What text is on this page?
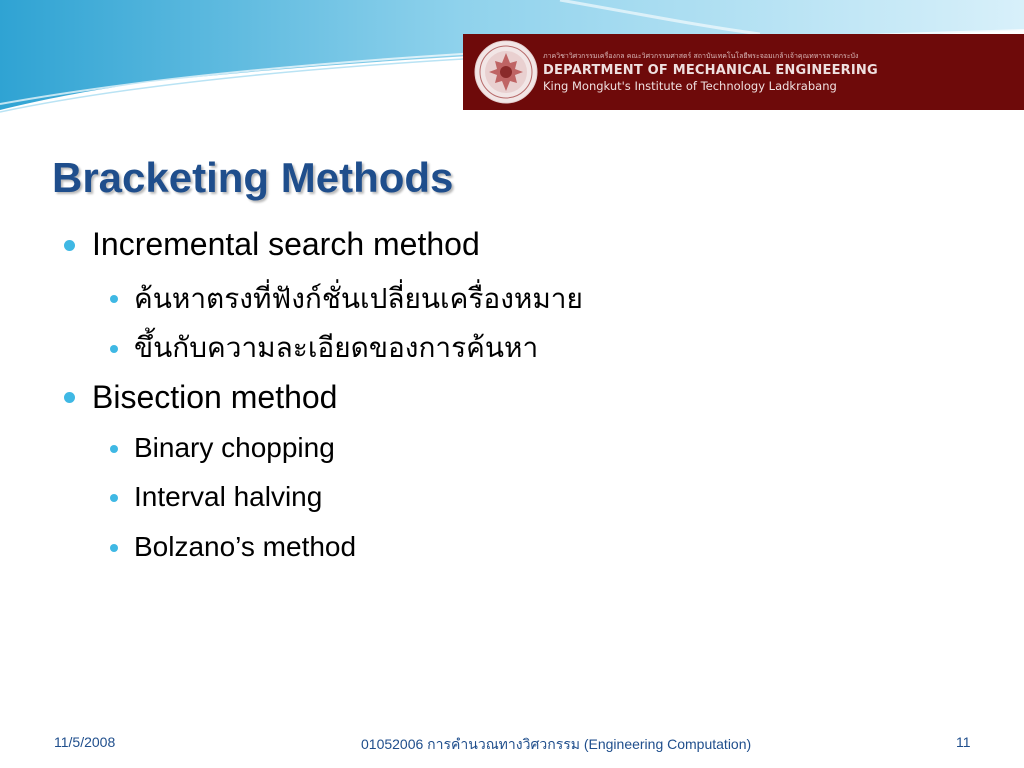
ภาควิชาวิศวกรรมเครื่องกล คณะวิศวกรรมศาสตร์ สถาบันเทคโนโลยีพระจอมเกล้าเจ้าคุณทหารลาดกระบัง
DEPARTMENT OF MECHANICAL ENGINEERING
King Mongkut's Institute of Technology Ladkrabang
Bracketing Methods
Incremental search method
ค้นหาตรงที่ฟังก์ชั่นเปลี่ยนเครื่องหมาย
ขึ้นกับความละเอียดของการค้นหา
Bisection method
Binary chopping
Interval halving
Bolzano’s method
11/5/2008	01052006 การคำนวณทางวิศวกรรม (Engineering Computation)	11
